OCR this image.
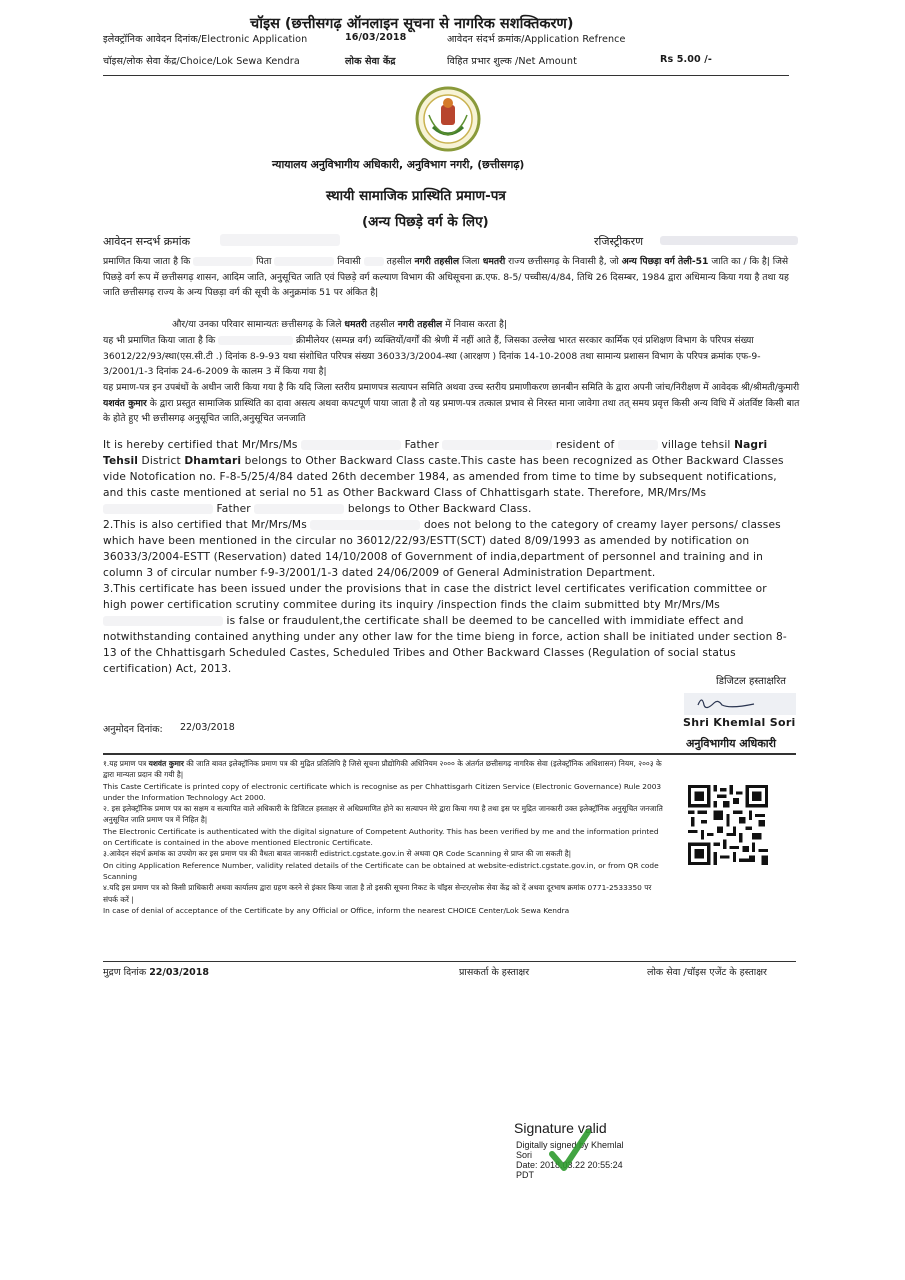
चॉइस (छत्तीसगढ़ ऑनलाइन सूचना से नागरिक सशक्तिकरण)
इलेक्ट्रॉनिक आवेदन दिनांक/Electronic Application	16/03/2018	आवेदन संदर्भ क्रमांक/Application Refrence
चॉइस/लोक सेवा केंद्र/Choice/Lok Sewa Kendra	लोक सेवा केंद्र	विहित प्रभार शुल्क /Net Amount	Rs 5.00 /-
न्यायालय अनुविभागीय अधिकारी, अनुविभाग नगरी, (छत्तीसगढ़)
स्थायी सामाजिक प्रास्थिति प्रमाण-पत्र
(अन्य पिछड़े वर्ग के लिए)
आवेदन सन्दर्भ क्रमांक	रजिस्ट्रीकरण
प्रमाणित किया जाता है कि	पिता	निवासी	तहसील नगरी तहसील जिला धमतरी राज्य छत्तीसगढ़ के निवासी है, जो अन्य पिछड़ा वर्ग तेली-51 जाति का / कि है| जिसे पिछड़े वर्ग रूप में छत्तीसगढ़ शासन, आदिम जाति, अनुसूचित जाति एवं पिछड़े वर्ग कल्याण विभाग की अधिसूचना क्र.एफ. 8-5/ पच्चीस/4/84, तिथि 26 दिसम्बर, 1984 द्वारा अधिमान्य किया गया है तथा यह जाति छत्तीसगढ़ राज्य के अन्य पिछड़ा वर्ग की सूची के अनुक्रमांक 51 पर अंकित है|
और/या उनका परिवार सामान्यतः छत्तीसगढ़ के जिले धमतरी तहसील नगरी तहसील में निवास करता है|
यह भी प्रमाणित किया जाता है कि	क्रीमीलेयर (सम्पन्न वर्ग) व्यक्तियों/वर्गों की श्रेणी में नहीं आते हैं, जिसका उल्लेख भारत सरकार कार्मिक एवं प्रशिक्षण विभाग के परिपत्र संख्या 36012/22/93/स्था(एस.सी.टी .) दिनांक 8-9-93 यथा संशोधित परिपत्र संख्या 36033/3/2004-स्था (आरक्षण ) दिनांक 14-10-2008 तथा सामान्य प्रशासन विभाग के परिपत्र क्रमांक एफ-9-3/2001/1-3 दिनांक 24-6-2009 के कालम 3 में किया गया है|
यह प्रमाण-पत्र इन उपबंधों के अधीन जारी किया गया है कि यदि जिला स्तरीय प्रमाणपत्र सत्यापन समिति अथवा उच्च स्तरीय प्रमाणीकरण छानबीन समिति के द्वारा अपनी जांच/निरीक्षण में आवेदक श्री/श्रीमती/कुमारी यशवंत कुमार के द्वारा प्रस्तुत सामाजिक प्रास्थिति का दावा असत्य अथवा कपटपूर्ण पाया जाता है तो यह प्रमाण-पत्र तत्काल प्रभाव से निरस्त माना जावेगा तथा तत् समय प्रवृत्त किसी अन्य विधि में अंतर्विष्ट किसी बात के होते हुए भी छत्तीसगढ़ अनुसूचित जाति,अनुसूचित जनजाति
It is hereby certified that Mr/Mrs/Ms	Father	resident of	village tehsil Nagri Tehsil District Dhamtari belongs to Other Backward Class caste.This caste has been recognized as Other Backward Classes vide Notofication no. F-8-5/25/4/84 dated 26th december 1984, as amended from time to time by subsequent notifications, and this caste mentioned at serial no 51 as Other Backward Class of Chhattisgarh state. Therefore, MR/Mrs/Ms  Father	belongs to Other Backward Class.
2.This is also certified that Mr/Mrs/Ms	does not belong to the category of creamy layer persons/ classes which have been mentioned in the circular no 36012/22/93/ESTT(SCT) dated 8/09/1993 as amended by notification on 36033/3/2004-ESTT (Reservation) dated 14/10/2008 of Government of india,department of personnel and training and in column 3 of circular number f-9-3/2001/1-3 dated 24/06/2009 of General Administration Department.
3.This certificate has been issued under the provisions that in case the district level certificates verification committee or high power certification scrutiny commitee during its inquiry /inspection finds the claim submitted bty Mr/Mrs/Ms  is false or fraudulent,the certificate shall be deemed to be cancelled with immidiate effect and notwithstanding contained anything under any other law for the time bieng in force, action shall be initiated under section 8-13 of the Chhattisgarh Scheduled Castes, Scheduled Tribes and Other Backward Classes (Regulation of social status certification) Act, 2013.
डिजिटल हस्ताक्षरित
अनुमोदन दिनांक: 22/03/2018	Shri Khemlal Sori
अनुविभागीय अधिकारी
१.यह प्रमाण पत्र यशवंत कुमार की जाति बावत इलेक्ट्रॉनिक प्रमाण पत्र की मुद्रित प्रतिलिपि है जिसे सूचना प्रौद्योगिकी अधिनियम २००० के अंतर्गत छत्तीसगढ़ नागरिक सेवा (इलेक्ट्रॉनिक अधिशासन) नियम, २००३ के द्वारा मान्यता प्रदान की गयी है|
This Caste Certificate is printed copy of electronic certificate which is recognise as per Chhattisgarh Citizen Service (Electronic Governance) Rule 2003 under the Information Technology Act 2000.
२. इस इलेक्ट्रॉनिक प्रमाण पत्र का सक्षम व सत्यापित वाले अधिकारी के डिजिटल हस्ताक्षर से अधिप्रमाणित होने का सत्यापन मेरे द्वारा किया गया है तथा इस पर मुद्रित जानकारी उक्त इलेक्ट्रॉनिक अनुसूचित जनजाति अनुसूचित जाति प्रमाण पत्र में निहित है|
The Electronic Certificate is authenticated with the digital signature of Competent Authority. This has been verified by me and the information printed on Certificate is contained in the above mentioned Electronic Certificate.
३.आवेदन संदर्भ क्रमांक का उपयोग कर इस प्रमाण पत्र की वैधता बावत जानकारी edistrict.cgstate.gov.in से अथवा QR Code Scanning से प्राप्त की जा सकती है|
On citing Application Reference Number, validity related details of the Certificate can be obtained at website-edistrict.cgstate.gov.in, or from QR code Scanning
४.यदि इस प्रमाण पत्र को किसी प्राधिकारी अथवा कार्यालय द्वारा ग्रहण करने से इंकार किया जाता है तो इसकी सूचना निकट के चॉइस सेन्टर/लोक सेवा केंद्र को दें अथवा दूरभाष क्रमांक 0771-2533350 पर संपर्क करें |
In case of denial of acceptance of the Certificate by any Official or Office, inform the nearest CHOICE Center/Lok Sewa Kendra
मुद्रण दिनांक 22/03/2018	प्रासकर्ता के हस्ताक्षर	लोक सेवा /चॉइस एजेंट के हस्ताक्षर
Signature valid
Digitally signed by Khemlal
Sori
Date: 2018.03.22 20:55:24
PDT
